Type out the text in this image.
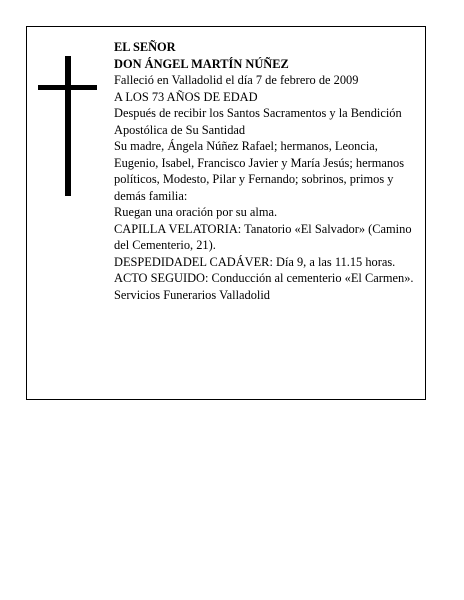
EL SEÑOR
DON ÁNGEL MARTÍN NÚÑEZ
Falleció en Valladolid el día 7 de febrero de 2009
A LOS 73 AÑOS DE EDAD
Después de recibir los Santos Sacramentos y la Bendición Apostólica de Su Santidad
Su madre, Ángela Núñez Rafael; hermanos, Leoncia, Eugenio, Isabel, Francisco Javier y María Jesús; hermanos políticos, Modesto, Pilar y Fernando; sobrinos, primos y demás familia:
Ruegan una oración por su alma.
CAPILLA VELATORIA: Tanatorio «El Salvador» (Camino del Cementerio, 21).
DESPEDIDADEL CADÁVER: Día 9, a las 11.15 horas.
ACTO SEGUIDO: Conducción al cementerio «El Carmen».
Servicios Funerarios Valladolid
